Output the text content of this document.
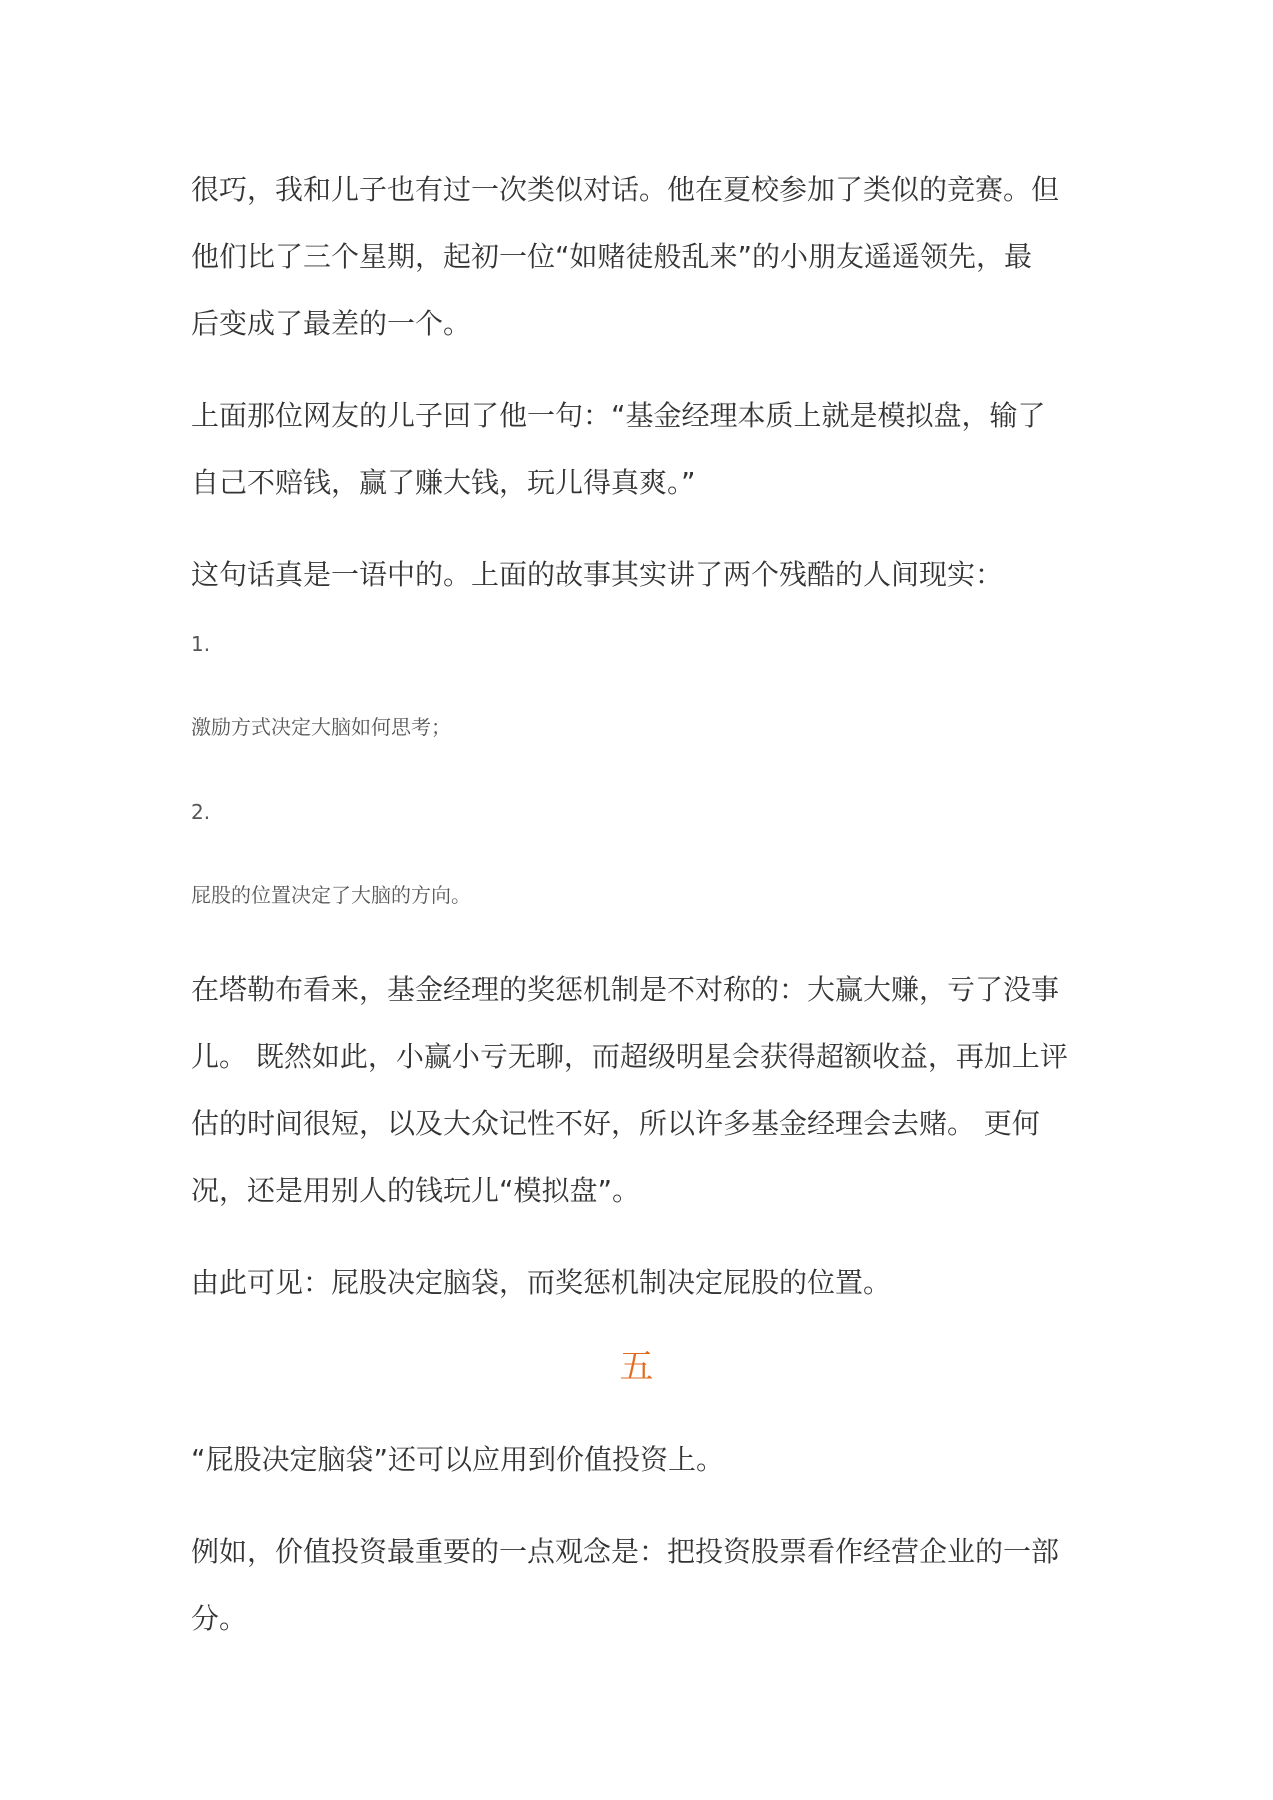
很巧，我和儿子也有过一次类似对话。他在夏校参加了类似的竞赛。但
他们比了三个星期，起初一位“如赌徒般乱来”的小朋友遥遥领先，最
后变成了最差的一个。
上面那位网友的儿子回了他一句：“基金经理本质上就是模拟盘，输了
自己不赔钱，赢了赚大钱，玩儿得真爽。”
这句话真是一语中的。上面的故事其实讲了两个残酷的人间现实：
1.
激励方式决定大脑如何思考；
2.
屁股的位置决定了大脑的方向。
在塔勒布看来，基金经理的奖惩机制是不对称的：大赢大赚，亏了没事
儿。 既然如此，小赢小亏无聊，而超级明星会获得超额收益，再加上评
估的时间很短，以及大众记性不好，所以许多基金经理会去赌。 更何
况，还是用别人的钱玩儿“模拟盘”。
由此可见：屁股决定脑袋，而奖惩机制决定屁股的位置。
五
“屁股决定脑袋”还可以应用到价值投资上。
例如，价值投资最重要的一点观念是：把投资股票看作经营企业的一部
分。
